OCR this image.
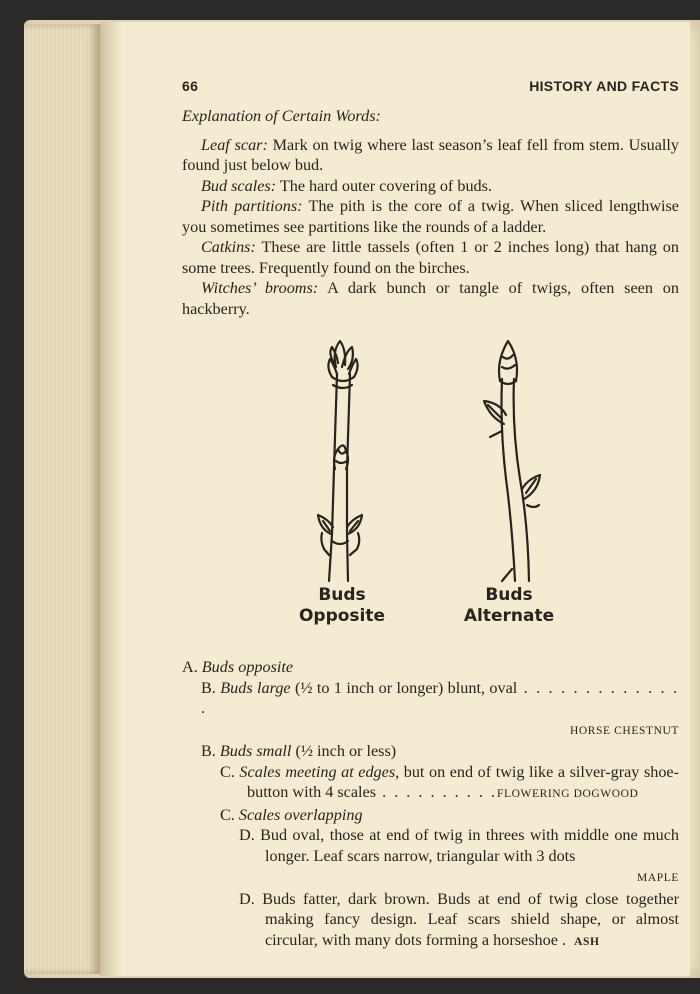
66	HISTORY AND FACTS
Explanation of Certain Words:

Leaf scar: Mark on twig where last season’s leaf fell from stem. Usually found just below bud.

Bud scales: The hard outer covering of buds.

Pith partitions: The pith is the core of a twig. When sliced lengthwise you sometimes see partitions like the rounds of a ladder.

Catkins: These are little tassels (often 1 or 2 inches long) that hang on some trees. Frequently found on the birches.

Witches’ brooms: A dark bunch or tangle of twigs, often seen on hackberry.

Buds
Opposite
Buds
Alternate

A. Buds opposite

B. Buds large (½ to 1 inch or longer) blunt, oval . . . . . . . . . . . . . .

HORSE CHESTNUT

B. Buds small (½ inch or less)

C. Scales meeting at edges, but on end of twig like a silver-gray shoe-button with 4 scales . . . . . . . . . .FLOWERING DOGWOOD

C. Scales overlapping

D. Bud oval, those at end of twig in threes with middle one much longer. Leaf scars narrow, triangular with 3 dots

MAPLE

D. Buds fatter, dark brown. Buds at end of twig close together making fancy design. Leaf scars shield shape, or almost circular, with many dots forming a horseshoe . ASH
